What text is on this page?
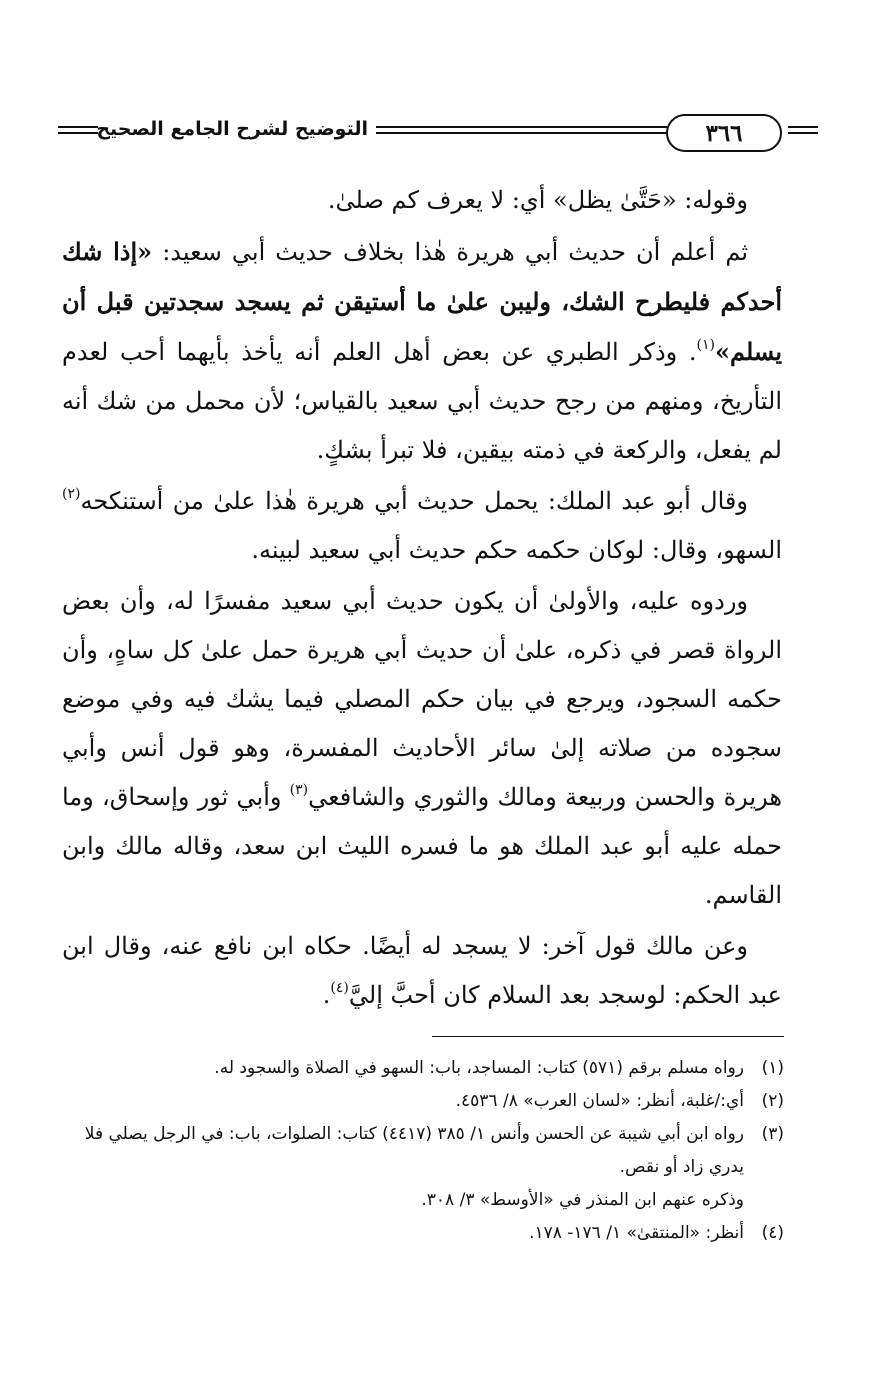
التوضيح لشرح الجامع الصحيح	٣٦٦

وقوله: «حَتَّىٰ يظل» أي: لا يعرف كم صلىٰ.

ثم أعلم أن حديث أبي هريرة هٰذا بخلاف حديث أبي سعيد: «إذا شك أحدكم فليطرح الشك، وليبن علىٰ ما أستيقن ثم يسجد سجدتين قبل أن يسلم»$^{(١)}$. وذكر الطبري عن بعض أهل العلم أنه يأخذ بأيهما أحب لعدم التأريخ، ومنهم من رجح حديث أبي سعيد بالقياس؛ لأن محمل من شك أنه لم يفعل، والركعة في ذمته بيقين، فلا تبرأ بشكٍ.

وقال أبو عبد الملك: يحمل حديث أبي هريرة هٰذا علىٰ من أستنكحه$^{(٢)}$ السهو، وقال: لوكان حكمه حكم حديث أبي سعيد لبينه.

وردوه عليه، والأولىٰ أن يكون حديث أبي سعيد مفسرًا له، وأن بعض الرواة قصر في ذكره، علىٰ أن حديث أبي هريرة حمل علىٰ كل ساهٍ، وأن حكمه السجود، ويرجع في بيان حكم المصلي فيما يشك فيه وفي موضع سجوده من صلاته إلىٰ سائر الأحاديث المفسرة، وهو قول أنس وأبي هريرة والحسن وربيعة ومالك والثوري والشافعي$^{(٣)}$ وأبي ثور وإسحاق، وما حمله عليه أبو عبد الملك هو ما فسره الليث ابن سعد، وقاله مالك وابن القاسم.

وعن مالك قول آخر: لا يسجد له أيضًا. حكاه ابن نافع عنه، وقال ابن عبد الحكم: لوسجد بعد السلام كان أحبَّ إليَّ$^{(٤)}$.

(١)
رواه مسلم برقم (٥٧١) كتاب: المساجد، باب: السهو في الصلاة والسجود له.
(٢)
أي:/غلبة، أنظر: «لسان العرب» ٨/ ٤٥٣٦.
(٣)
رواه ابن أبي شيبة عن الحسن وأنس ١/ ٣٨٥ (٤٤١٧) كتاب: الصلوات، باب: في الرجل يصلي فلا يدري زاد أو نقص.
وذكره عنهم ابن المنذر في «الأوسط» ٣/ ٣٠٨.
(٤)
أنظر: «المنتقىٰ» ١/ ١٧٦- ١٧٨.
